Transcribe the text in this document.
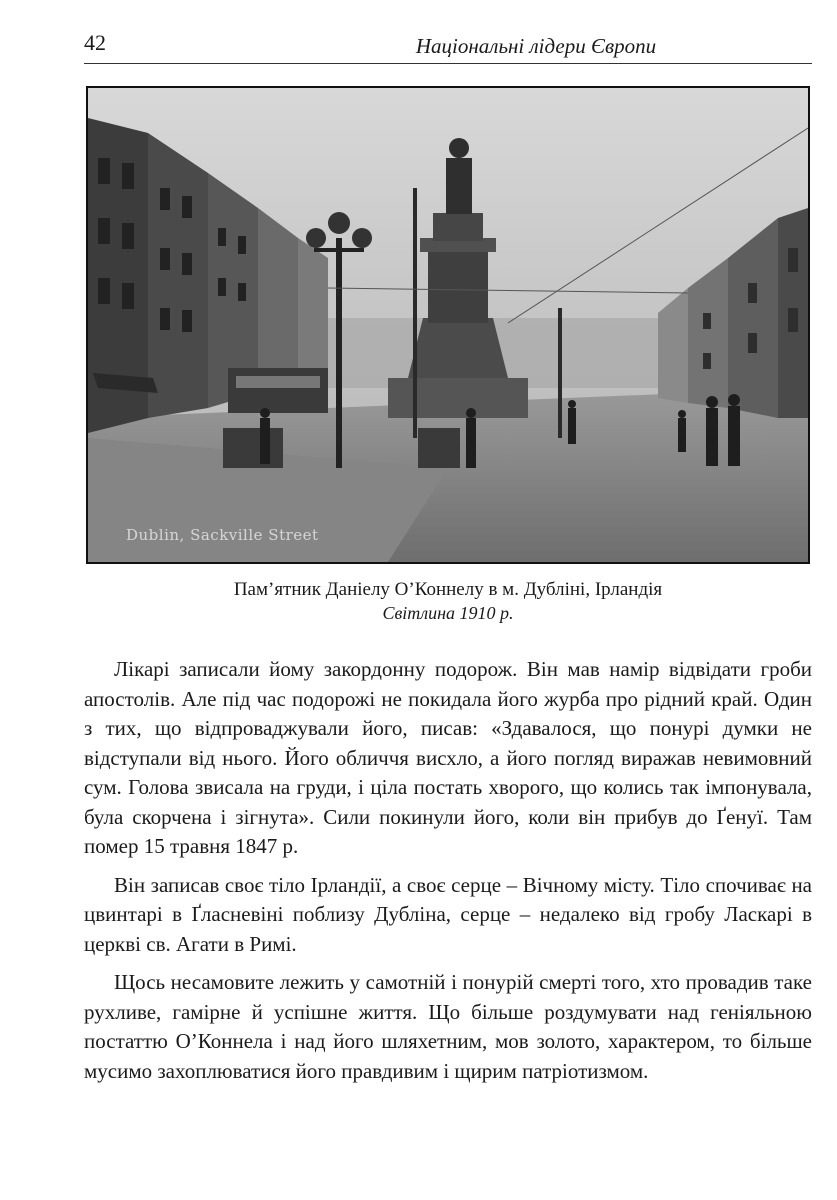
42	Національні лідери Європи
Dublin, Sackville Street
Пам’ятник Даніелу О’Коннелу в м. Дубліні, Ірландія
Світлина 1910 р.

Лікарі записали йому закордонну подорож. Він мав намір відвідати гроби апостолів. Але під час подорожі не покидала його журба про рідний край. Один з тих, що відпроваджували його, писав: «Здавалося, що понурі думки не відступали від нього. Його обличчя висхло, а його погляд виражав невимовний сум. Голова звисала на груди, і ціла постать хворого, що колись так імпонувала, була скорчена і зігнута». Сили покинули його, коли він прибув до Ґенуї. Там помер 15 травня 1847 р.

Він записав своє тіло Ірландії, а своє серце – Вічному місту. Тіло спочиває на цвинтарі в Ґласневіні поблизу Дубліна, серце – недалеко від гробу Ласкарі в церкві св. Агати в Римі.

Щось несамовите лежить у самотній і понурій смерті того, хто провадив таке рухливе, гамірне й успішне життя. Що більше роздумувати над геніяльною постаттю О’Коннела і над його шляхетним, мов золото, характером, то більше мусимо захоплюватися його правдивим і щирим патріотизмом.
